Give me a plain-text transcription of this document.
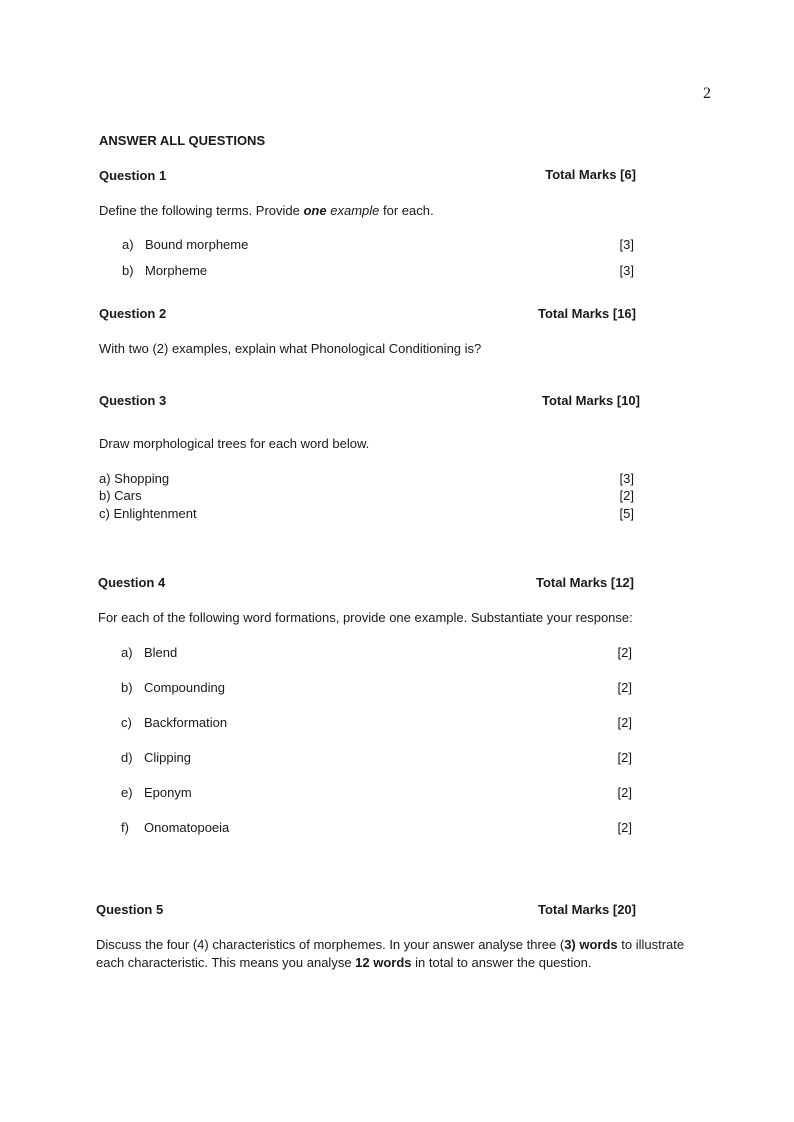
2
ANSWER ALL QUESTIONS
Question 1	Total Marks [6]
Define the following terms. Provide one example for each.
a) Bound morpheme	[3]
b) Morpheme	[3]
Question 2	Total Marks [16]
With two (2) examples, explain what Phonological Conditioning is?
Question 3	Total Marks [10]
Draw morphological trees for each word below.
a) Shopping	[3]
b) Cars	[2]
c) Enlightenment	[5]
Question 4	Total Marks [12]
For each of the following word formations, provide one example. Substantiate your response:
a) Blend	[2]
b) Compounding	[2]
c) Backformation	[2]
d) Clipping	[2]
e) Eponym	[2]
f) Onomatopoeia	[2]
Question 5	Total Marks [20]
Discuss the four (4) characteristics of morphemes. In your answer analyse three (3) words to illustrate
each characteristic. This means you analyse 12 words in total to answer the question.
